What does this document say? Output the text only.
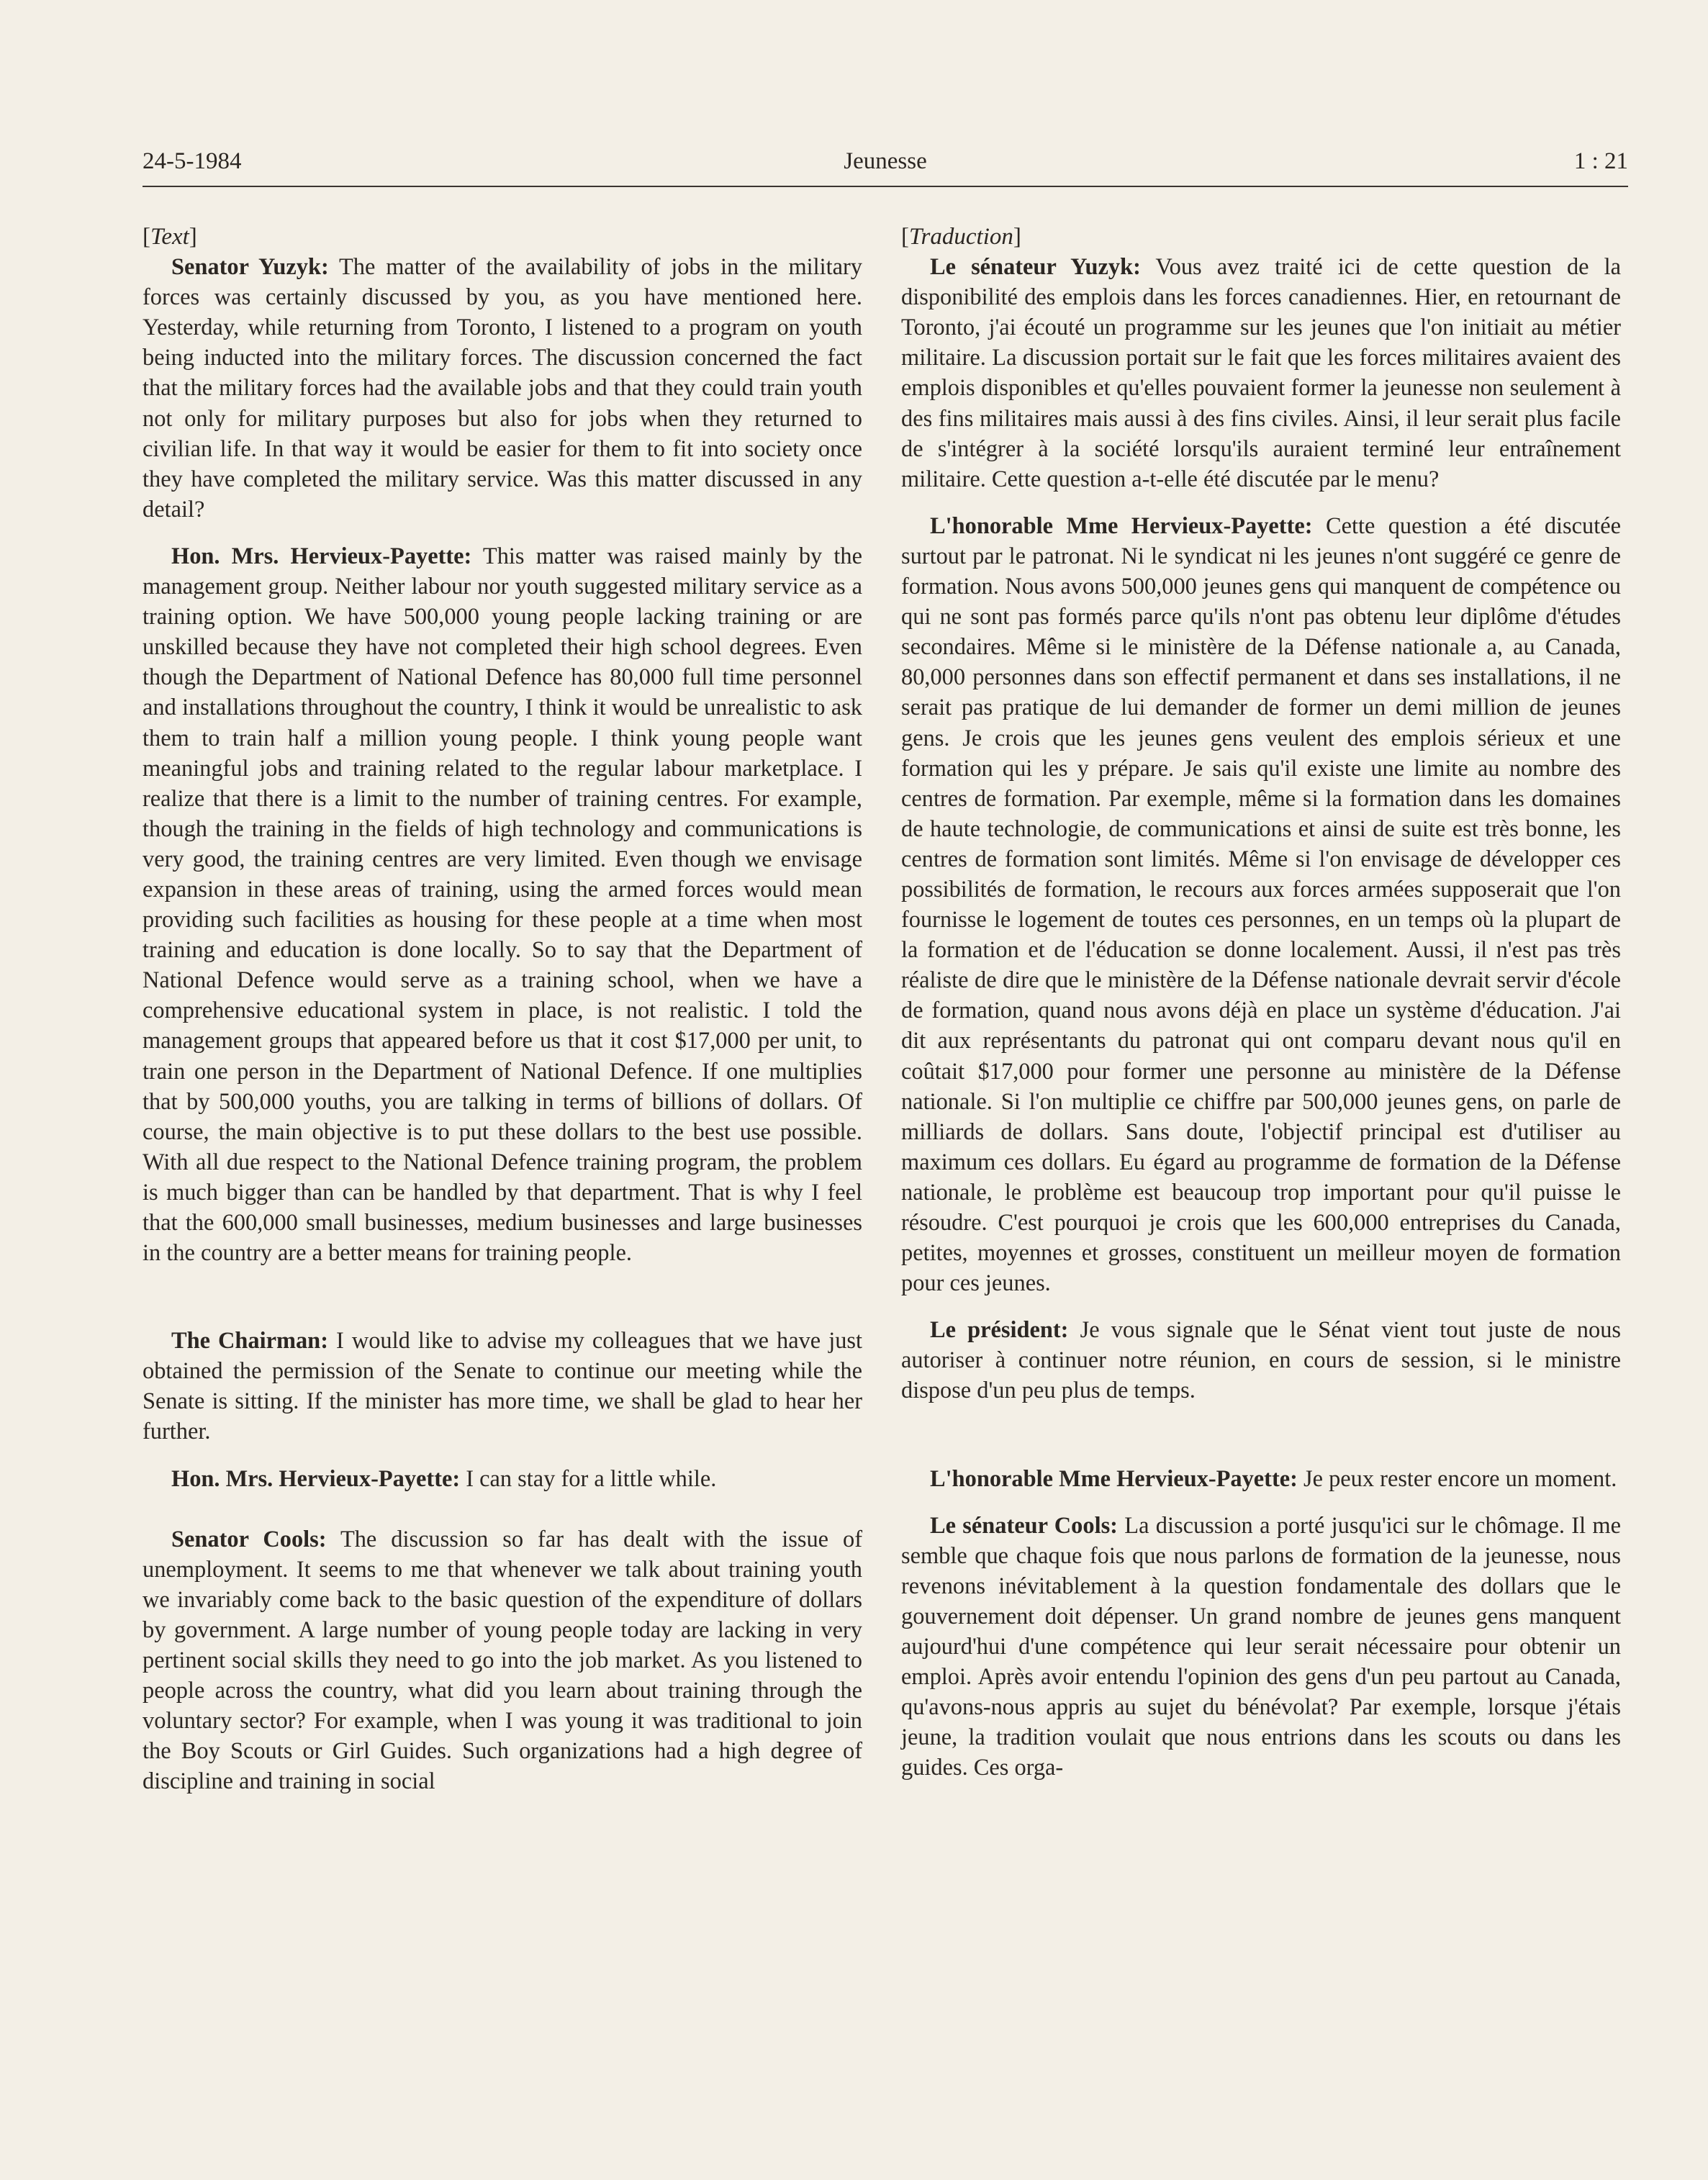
24-5-1984	Jeunesse	1 : 21

[Text]

Senator Yuzyk: The matter of the availability of jobs in the military forces was certainly discussed by you, as you have mentioned here. Yesterday, while returning from Toronto, I listened to a program on youth being inducted into the military forces. The discussion concerned the fact that the military forces had the available jobs and that they could train youth not only for military purposes but also for jobs when they returned to civilian life. In that way it would be easier for them to fit into society once they have completed the military service. Was this matter discussed in any detail?

Hon. Mrs. Hervieux-Payette: This matter was raised mainly by the management group. Neither labour nor youth suggested military service as a training option. We have 500,000 young people lacking training or are unskilled because they have not completed their high school degrees. Even though the Department of National Defence has 80,000 full time personnel and installations throughout the country, I think it would be unrealistic to ask them to train half a million young people. I think young people want meaningful jobs and training related to the regular labour marketplace. I realize that there is a limit to the number of training centres. For example, though the training in the fields of high technology and communications is very good, the training centres are very limited. Even though we envisage expansion in these areas of training, using the armed forces would mean providing such facilities as housing for these people at a time when most training and education is done locally. So to say that the Department of National Defence would serve as a training school, when we have a comprehensive educational system in place, is not realistic. I told the management groups that appeared before us that it cost $17,000 per unit, to train one person in the Department of National Defence. If one multiplies that by 500,000 youths, you are talking in terms of billions of dollars. Of course, the main objective is to put these dollars to the best use possible. With all due respect to the National Defence training program, the problem is much bigger than can be handled by that department. That is why I feel that the 600,000 small businesses, medium businesses and large businesses in the country are a better means for training people.

The Chairman: I would like to advise my colleagues that we have just obtained the permission of the Senate to continue our meeting while the Senate is sitting. If the minister has more time, we shall be glad to hear her further.

Hon. Mrs. Hervieux-Payette: I can stay for a little while.

Senator Cools: The discussion so far has dealt with the issue of unemployment. It seems to me that whenever we talk about training youth we invariably come back to the basic question of the expenditure of dollars by government. A large number of young people today are lacking in very pertinent social skills they need to go into the job market. As you listened to people across the country, what did you learn about training through the voluntary sector? For example, when I was young it was traditional to join the Boy Scouts or Girl Guides. Such organizations had a high degree of discipline and training in social

[Traduction]

Le sénateur Yuzyk: Vous avez traité ici de cette question de la disponibilité des emplois dans les forces canadiennes. Hier, en retournant de Toronto, j'ai écouté un programme sur les jeunes que l'on initiait au métier militaire. La discussion portait sur le fait que les forces militaires avaient des emplois disponibles et qu'elles pouvaient former la jeunesse non seulement à des fins militaires mais aussi à des fins civiles. Ainsi, il leur serait plus facile de s'intégrer à la société lorsqu'ils auraient terminé leur entraînement militaire. Cette question a-t-elle été discutée par le menu?

L'honorable Mme Hervieux-Payette: Cette question a été discutée surtout par le patronat. Ni le syndicat ni les jeunes n'ont suggéré ce genre de formation. Nous avons 500,000 jeunes gens qui manquent de compétence ou qui ne sont pas formés parce qu'ils n'ont pas obtenu leur diplôme d'études secondaires. Même si le ministère de la Défense nationale a, au Canada, 80,000 personnes dans son effectif permanent et dans ses installations, il ne serait pas pratique de lui demander de former un demi million de jeunes gens. Je crois que les jeunes gens veulent des emplois sérieux et une formation qui les y prépare. Je sais qu'il existe une limite au nombre des centres de formation. Par exemple, même si la formation dans les domaines de haute technologie, de communications et ainsi de suite est très bonne, les centres de formation sont limités. Même si l'on envisage de développer ces possibilités de formation, le recours aux forces armées supposerait que l'on fournisse le logement de toutes ces personnes, en un temps où la plupart de la formation et de l'éducation se donne localement. Aussi, il n'est pas très réaliste de dire que le ministère de la Défense nationale devrait servir d'école de formation, quand nous avons déjà en place un système d'éducation. J'ai dit aux représentants du patronat qui ont comparu devant nous qu'il en coûtait $17,000 pour former une personne au ministère de la Défense nationale. Si l'on multiplie ce chiffre par 500,000 jeunes gens, on parle de milliards de dollars. Sans doute, l'objectif principal est d'utiliser au maximum ces dollars. Eu égard au programme de formation de la Défense nationale, le problème est beaucoup trop important pour qu'il puisse le résoudre. C'est pourquoi je crois que les 600,000 entreprises du Canada, petites, moyennes et grosses, constituent un meilleur moyen de formation pour ces jeunes.

Le président: Je vous signale que le Sénat vient tout juste de nous autoriser à continuer notre réunion, en cours de session, si le ministre dispose d'un peu plus de temps.

L'honorable Mme Hervieux-Payette: Je peux rester encore un moment.

Le sénateur Cools: La discussion a porté jusqu'ici sur le chômage. Il me semble que chaque fois que nous parlons de formation de la jeunesse, nous revenons inévitablement à la question fondamentale des dollars que le gouvernement doit dépenser. Un grand nombre de jeunes gens manquent aujourd'hui d'une compétence qui leur serait nécessaire pour obtenir un emploi. Après avoir entendu l'opinion des gens d'un peu partout au Canada, qu'avons-nous appris au sujet du bénévolat? Par exemple, lorsque j'étais jeune, la tradition voulait que nous entrions dans les scouts ou dans les guides. Ces orga-
